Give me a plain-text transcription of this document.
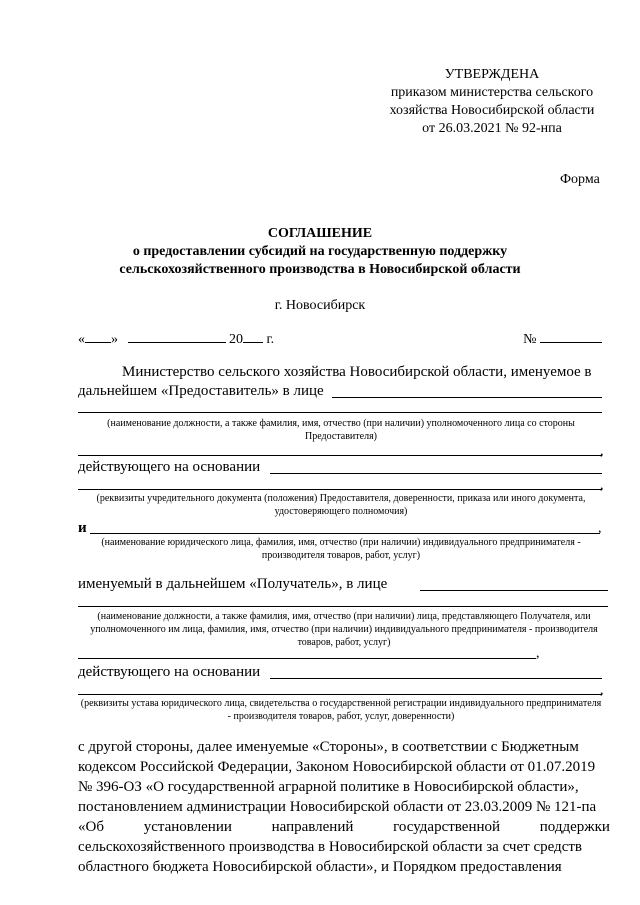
УТВЕРЖДЕНА
приказом министерства сельского
хозяйства Новосибирской области
от 26.03.2021 № 92-нпа
Форма
СОГЛАШЕНИЕ
о предоставлении субсидий на государственную поддержку
сельскохозяйственного производства в Новосибирской области
г. Новосибирск
« »	20 г.	№
Министерство сельского хозяйства Новосибирской области, именуемое в
дальнейшем «Предоставитель» в лице
(наименование должности, а также фамилия, имя, отчество (при наличии) уполномоченного лица со стороны Предоставителя)
,
действующего на основании
,
(реквизиты учредительного документа (положения) Предоставителя, доверенности, приказа или иного документа, удостоверяющего полномочия)
и	,
(наименование юридического лица, фамилия, имя, отчество (при наличии) индивидуального предпринимателя - производителя товаров, работ, услуг)
именуемый в дальнейшем «Получатель», в лице
(наименование должности, а также фамилия, имя, отчество (при наличии) лица, представляющего Получателя, или уполномоченного им лица, фамилия, имя, отчество (при наличии) индивидуального предпринимателя - производителя товаров, работ, услуг)
,
действующего на основании
,
(реквизиты устава юридического лица, свидетельства о государственной регистрации индивидуального предпринимателя - производителя товаров, работ, услуг, доверенности)
с другой стороны, далее именуемые «Стороны», в соответствии с Бюджетным
кодексом Российской Федерации, Законом Новосибирской области от 01.07.2019
№ 396-ОЗ «О государственной аграрной политике в Новосибирской области»,
постановлением администрации Новосибирской области от 23.03.2009 № 121-па
«Об	установлении	направлений	государственной	поддержки
сельскохозяйственного производства в Новосибирской области за счет средств
областного бюджета Новосибирской области», и Порядком предоставления
